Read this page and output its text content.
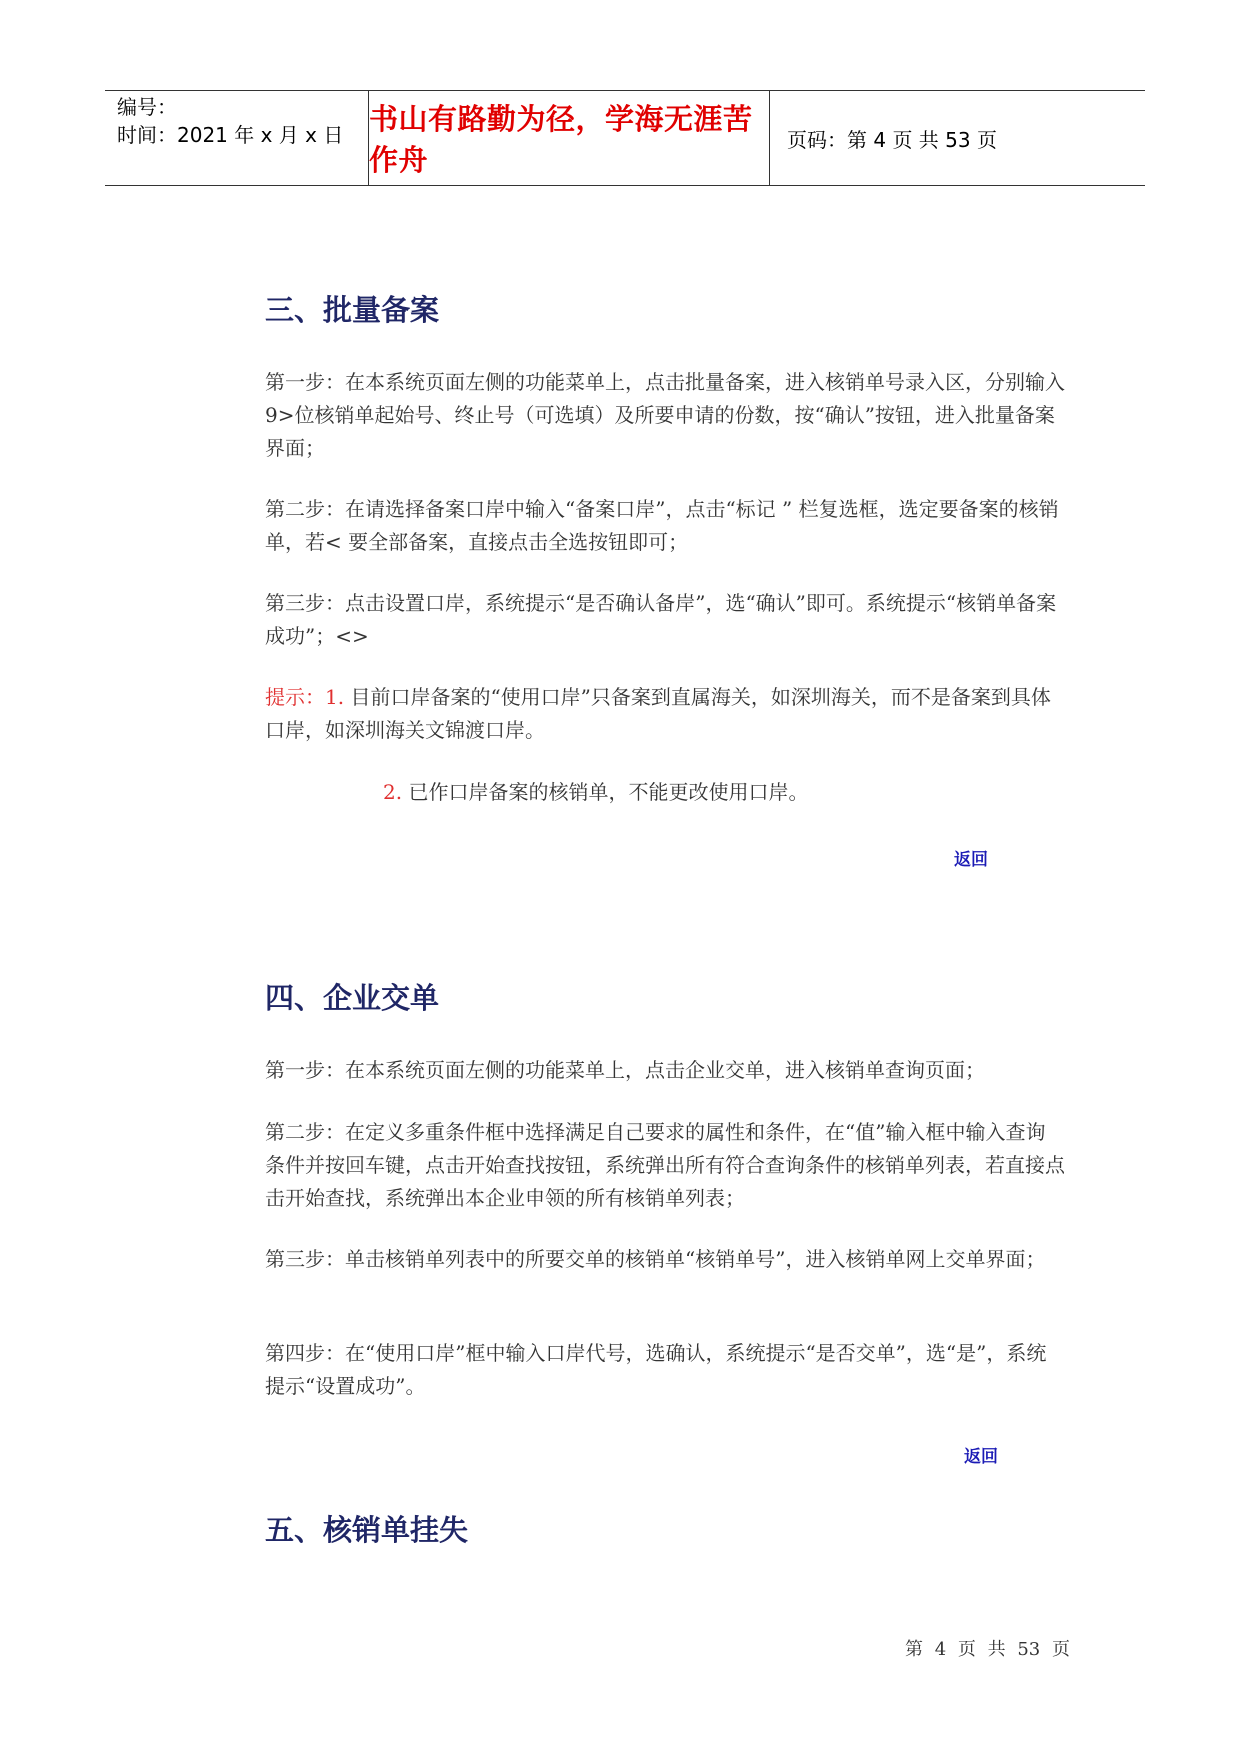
编号：
时间：2021 年 x 月 x 日 书山有路勤为径，学海无涯苦作舟
页码：第 4 页 共 53 页
三、批量备案

第一步：在本系统页面左侧的功能菜单上，点击批量备案，进入核销单号录入区，分别输入 9>位核销单起始号、终止号（可选填）及所要申请的份数，按“确认”按钮，进入批量备案界面；

第二步：在请选择备案口岸中输入“备案口岸”，点击“标记 ” 栏复选框，选定要备案的核销单，若< 要全部备案，直接点击全选按钮即可；

第三步：点击设置口岸，系统提示“是否确认备岸”，选“确认”即可。系统提示“核销单备案成功”；<>

提示：1. 目前口岸备案的“使用口岸”只备案到直属海关，如深圳海关，而不是备案到具体口岸，如深圳海关文锦渡口岸。

2. 已作口岸备案的核销单，不能更改使用口岸。

返回
四、企业交单

第一步：在本系统页面左侧的功能菜单上，点击企业交单，进入核销单查询页面；

第二步：在定义多重条件框中选择满足自己要求的属性和条件，在“值”输入框中输入查询条件并按回车键，点击开始查找按钮，系统弹出所有符合查询条件的核销单列表，若直接点击开始查找，系统弹出本企业申领的所有核销单列表；

第三步：单击核销单列表中的所要交单的核销单“核销单号”，进入核销单网上交单界面；

第四步：在“使用口岸”框中输入口岸代号，选确认，系统提示“是否交单”，选“是”，系统提示“设置成功”。

返回
五、核销单挂失
第 4 页 共 53 页
